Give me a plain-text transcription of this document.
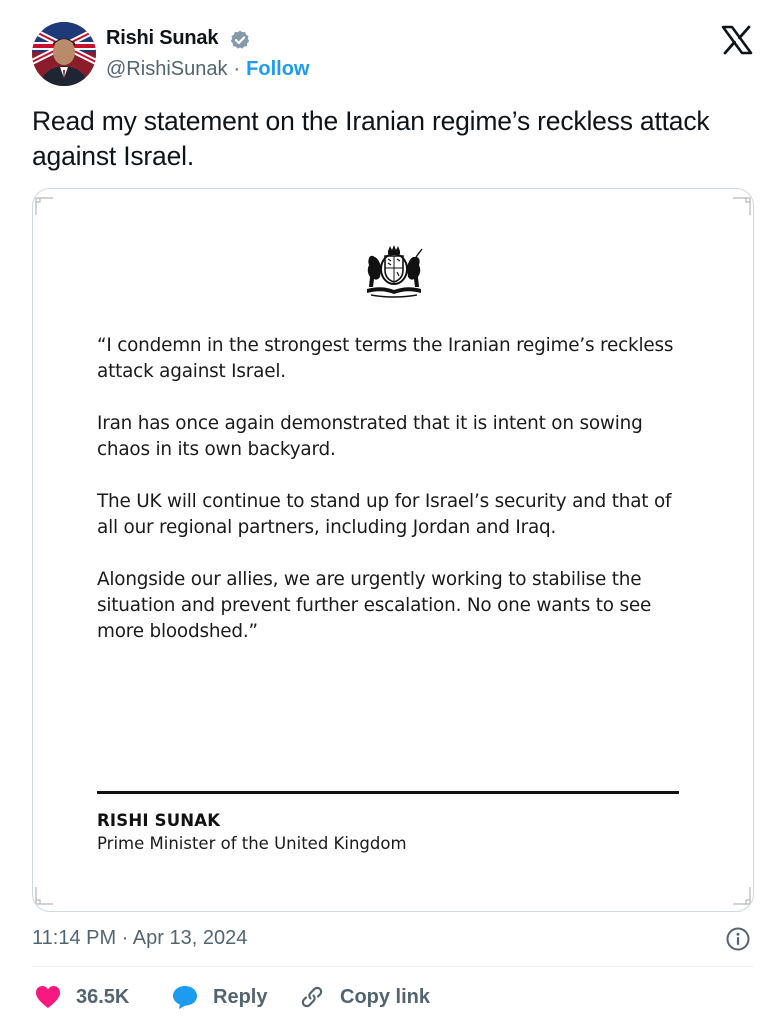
Rishi Sunak
@RishiSunak · Follow
Read my statement on the Iranian regime’s reckless attack against Israel.

“I condemn in the strongest terms the Iranian regime’s reckless attack against Israel.

Iran has once again demonstrated that it is intent on sowing chaos in its own backyard.

The UK will continue to stand up for Israel’s security and that of all our regional partners, including Jordan and Iraq.

Alongside our allies, we are urgently working to stabilise the situation and prevent further escalation. No one wants to see more bloodshed.”

RISHI SUNAK
Prime Minister of the United Kingdom
11:14 PM · Apr 13, 2024
36.5K	Reply	Copy link
